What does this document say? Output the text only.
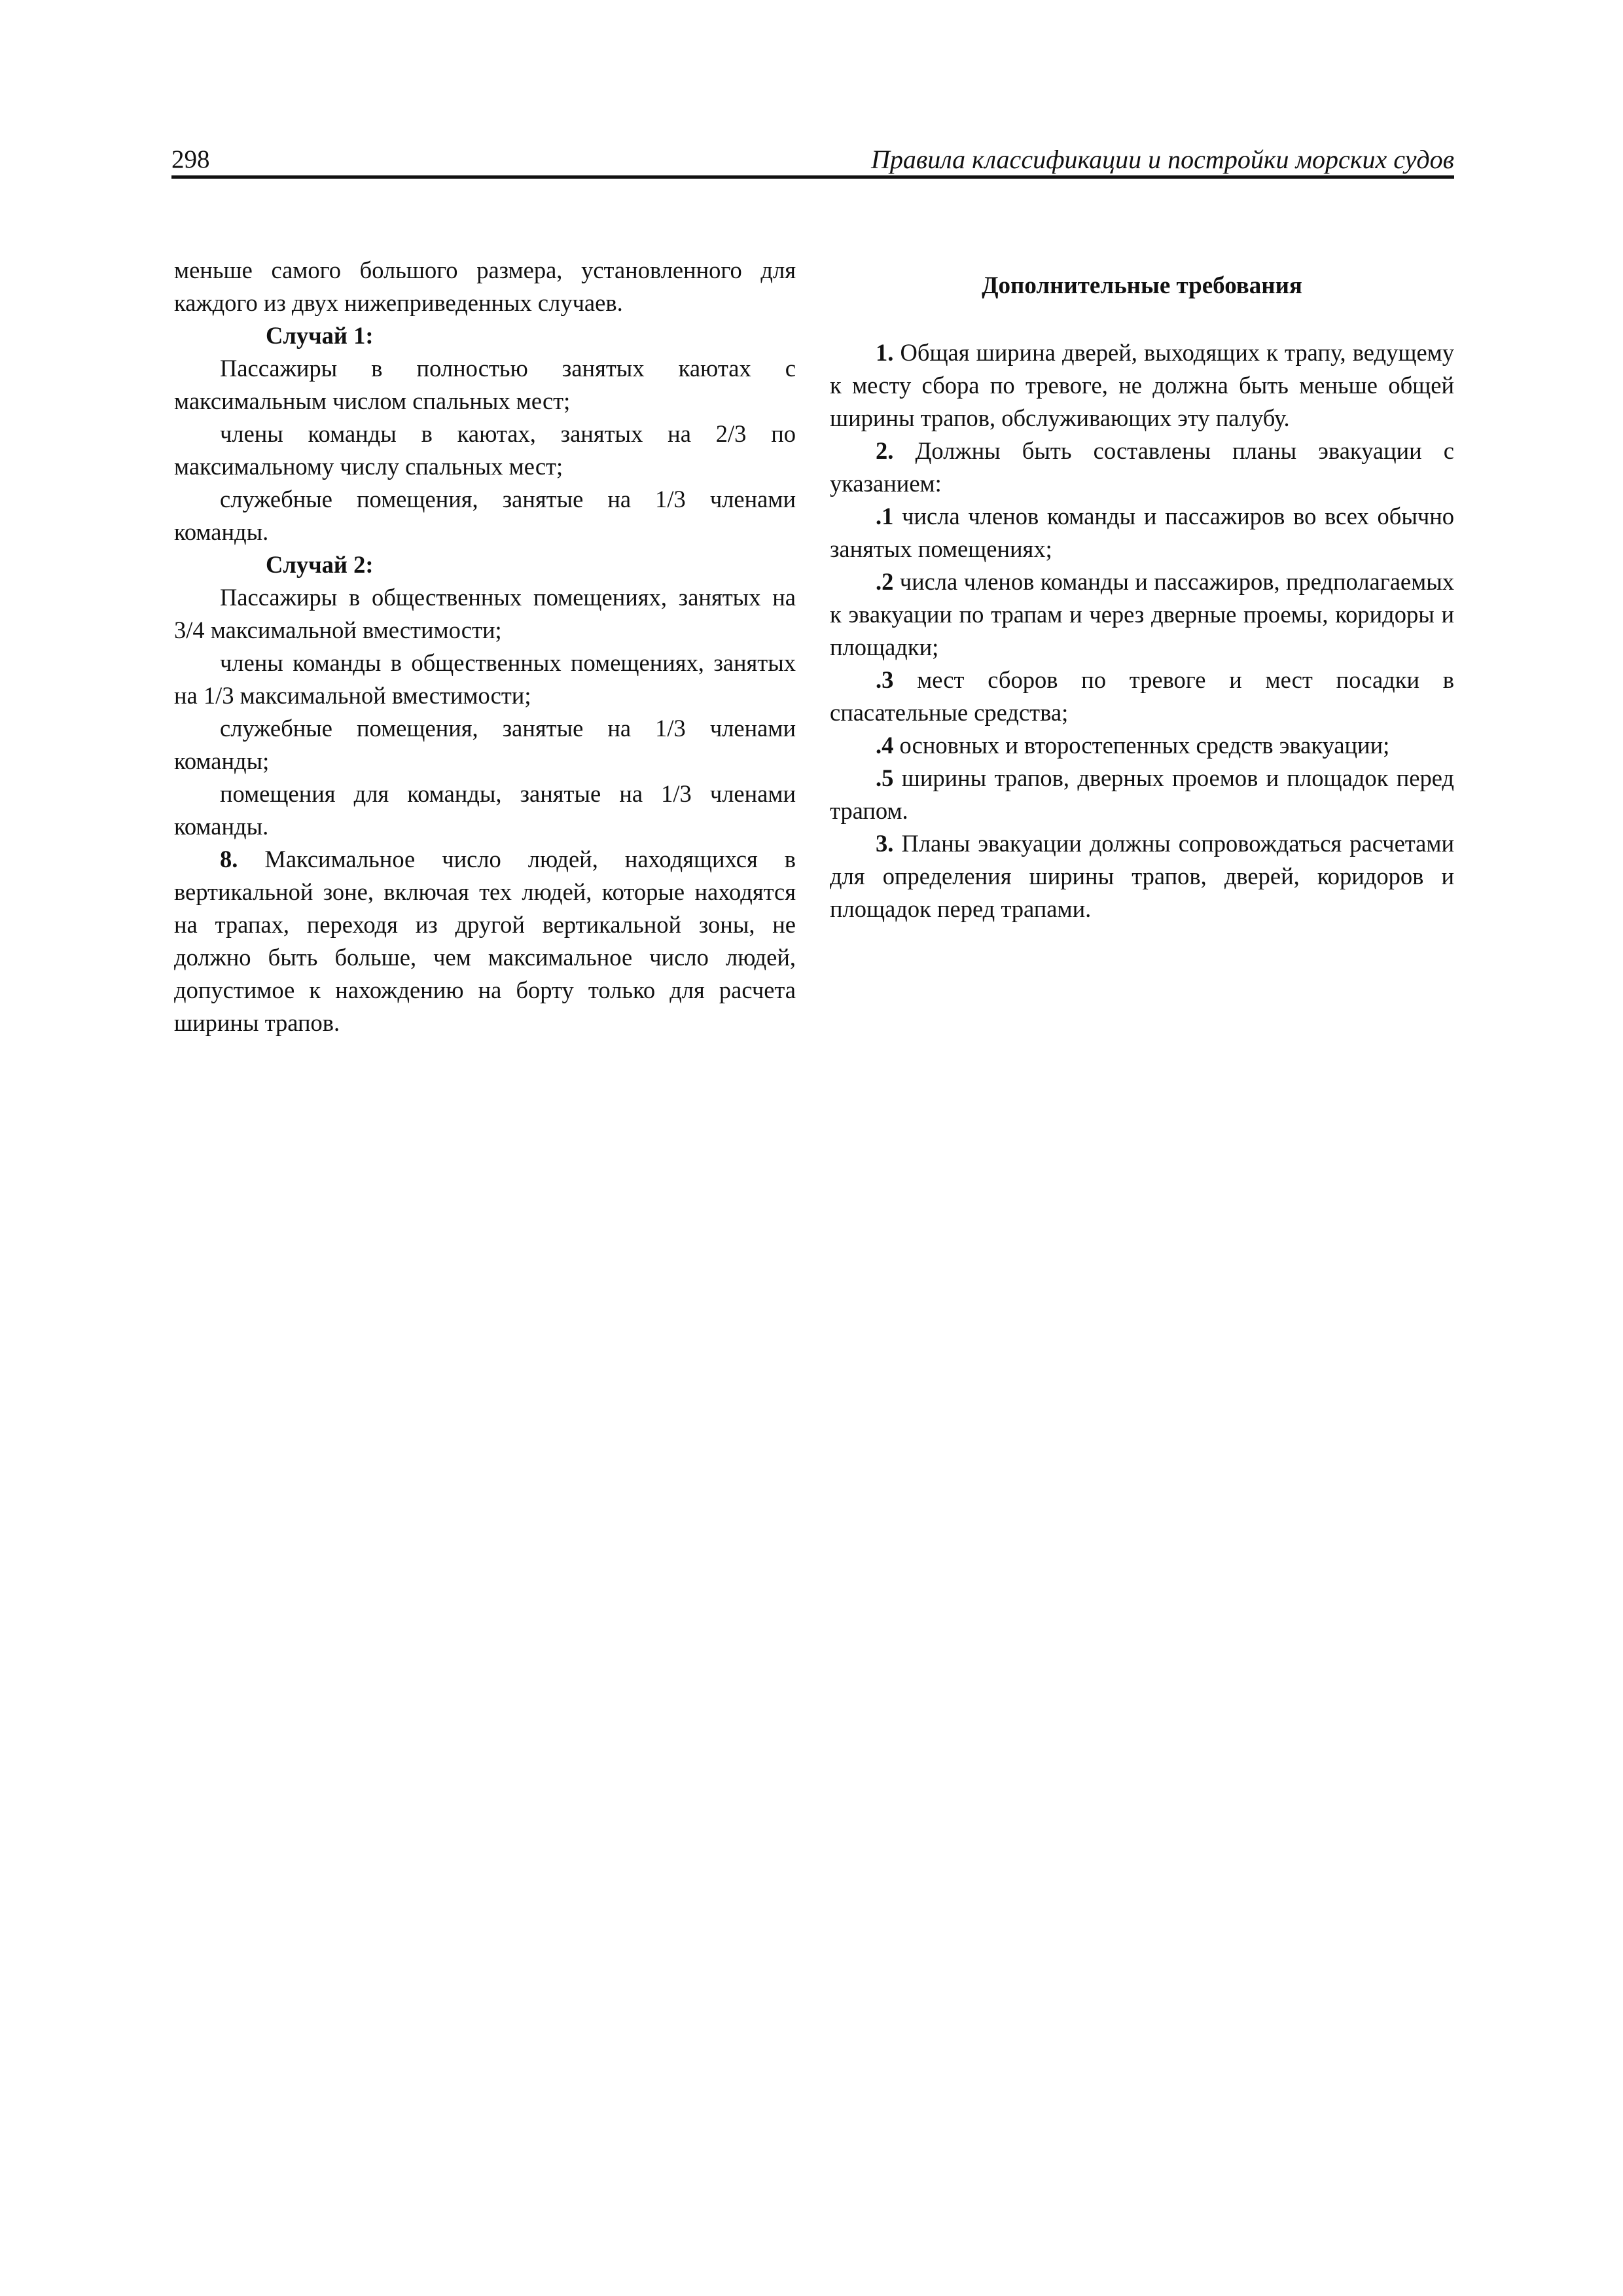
298	Правила классификации и постройки морских судов

меньше самого большого размера, установленного для каждого из двух нижеприведенных случаев.

Случай 1:

Пассажиры в полностью занятых каютах с максимальным числом спальных мест;

члены команды в каютах, занятых на 2/3 по максимальному числу спальных мест;

служебные помещения, занятые на 1/3 членами команды.

Случай 2:

Пассажиры в общественных помещениях, занятых на 3/4 максимальной вместимости;

члены команды в общественных помещениях, занятых на 1/3 максимальной вместимости;

служебные помещения, занятые на 1/3 членами команды;

помещения для команды, занятые на 1/3 членами команды.

8. Максимальное число людей, находящихся в вертикальной зоне, включая тех людей, которые находятся на трапах, переходя из другой вертикальной зоны, не должно быть больше, чем максимальное число людей, допустимое к нахождению на борту только для расчета ширины трапов.

Дополнительные требования

1. Общая ширина дверей, выходящих к трапу, ведущему к месту сбора по тревоге, не должна быть меньше общей ширины трапов, обслуживающих эту палубу.

2. Должны быть составлены планы эвакуации с указанием:

.1 числа членов команды и пассажиров во всех обычно занятых помещениях;

.2 числа членов команды и пассажиров, предполагаемых к эвакуации по трапам и через дверные проемы, коридоры и площадки;

.3 мест сборов по тревоге и мест посадки в спасательные средства;

.4 основных и второстепенных средств эвакуации;

.5 ширины трапов, дверных проемов и площадок перед трапом.

3. Планы эвакуации должны сопровождаться расчетами для определения ширины трапов, дверей, коридоров и площадок перед трапами.
